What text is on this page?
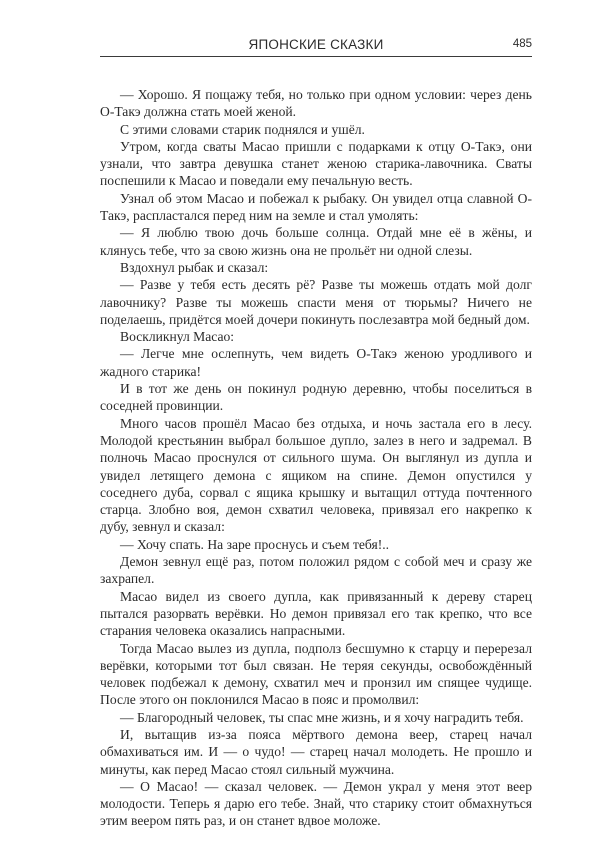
ЯПОНСКИЕ СКАЗКИ	485

— Хорошо. Я пощажу тебя, но только при одном условии: через день О-Такэ должна стать моей женой.

С этими словами старик поднялся и ушёл.

Утром, когда сваты Масао пришли с подарками к отцу О-Такэ, они узнали, что завтра девушка станет женою старика-лавочника. Сваты поспешили к Масао и поведали ему печальную весть.

Узнал об этом Масао и побежал к рыбаку. Он увидел отца славной О-Такэ, распластался перед ним на земле и стал умолять:

— Я люблю твою дочь больше солнца. Отдай мне её в жёны, и клянусь тебе, что за свою жизнь она не прольёт ни одной слезы.

Вздохнул рыбак и сказал:

— Разве у тебя есть десять рё? Разве ты можешь отдать мой долг лавочнику? Разве ты можешь спасти меня от тюрьмы? Ничего не поделаешь, придётся моей дочери покинуть послезавтра мой бедный дом.

Воскликнул Масао:

— Легче мне ослепнуть, чем видеть О-Такэ женою уродливого и жадного старика!

И в тот же день он покинул родную деревню, чтобы поселиться в соседней провинции.

Много часов прошёл Масао без отдыха, и ночь застала его в лесу. Молодой крестьянин выбрал большое дупло, залез в него и задремал. В полночь Масао проснулся от сильного шума. Он выглянул из дупла и увидел летящего демона с ящиком на спине. Демон опустился у соседнего дуба, сорвал с ящика крышку и вытащил оттуда почтенного старца. Злобно воя, демон схватил человека, привязал его накрепко к дубу, зевнул и сказал:

— Хочу спать. На заре проснусь и съем тебя!..

Демон зевнул ещё раз, потом положил рядом с собой меч и сразу же захрапел.

Масао видел из своего дупла, как привязанный к дереву старец пытался разорвать верёвки. Но демон привязал его так крепко, что все старания человека оказались напрасными.

Тогда Масао вылез из дупла, подполз бесшумно к старцу и перерезал верёвки, которыми тот был связан. Не теряя секунды, освобождённый человек подбежал к демону, схватил меч и пронзил им спящее чудище. После этого он поклонился Масао в пояс и промолвил:

— Благородный человек, ты спас мне жизнь, и я хочу наградить тебя.

И, вытащив из-за пояса мёртвого демона веер, старец начал обмахиваться им. И — о чудо! — старец начал молодеть. Не прошло и минуты, как перед Масао стоял сильный мужчина.

— О Масао! — сказал человек. — Демон украл у меня этот веер молодости. Теперь я дарю его тебе. Знай, что старику стоит обмахнуться этим веером пять раз, и он станет вдвое моложе.
